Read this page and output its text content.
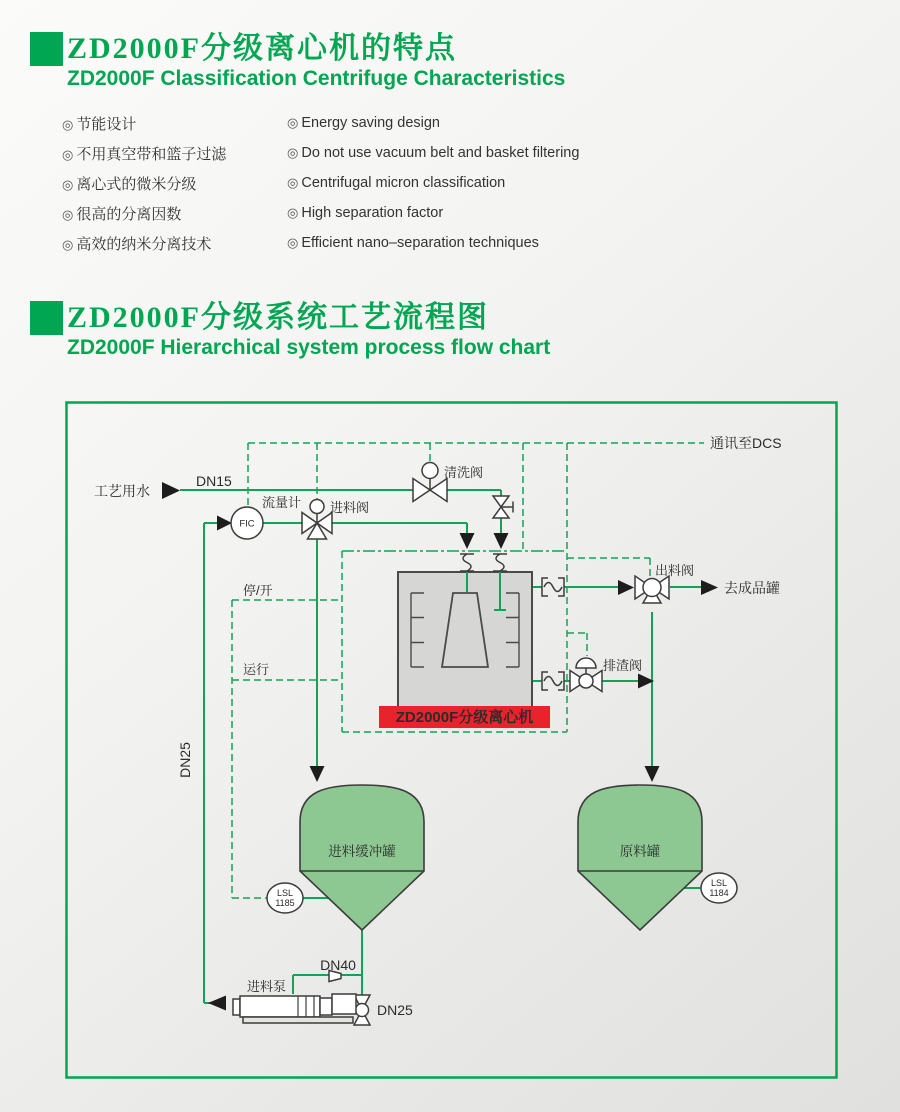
ZD2000F分级离心机的特点
ZD2000F Classification Centrifuge Characteristics
◎ 节能设计	◎ Energy saving design
◎ 不用真空带和篮子过滤	◎ Do not use vacuum belt and basket filtering
◎ 离心式的微米分级	◎ Centrifugal micron classification
◎ 很高的分离因数	◎ High separation factor
◎ 高效的纳米分离技术	◎ Efficient nano–separation techniques
ZD2000F分级系统工艺流程图
ZD2000F Hierarchical system process flow chart
ZD2000F分级离心机
FIC
进料缓冲罐	原料罐
LSL
1185
LSL
1184
通讯至DCS
工艺用水
DN15
流量计 进料阀
清洗阀
停/开
运行
DN25
出料阀
去成品罐
排渣阀
DN40
进料泵
DN25
